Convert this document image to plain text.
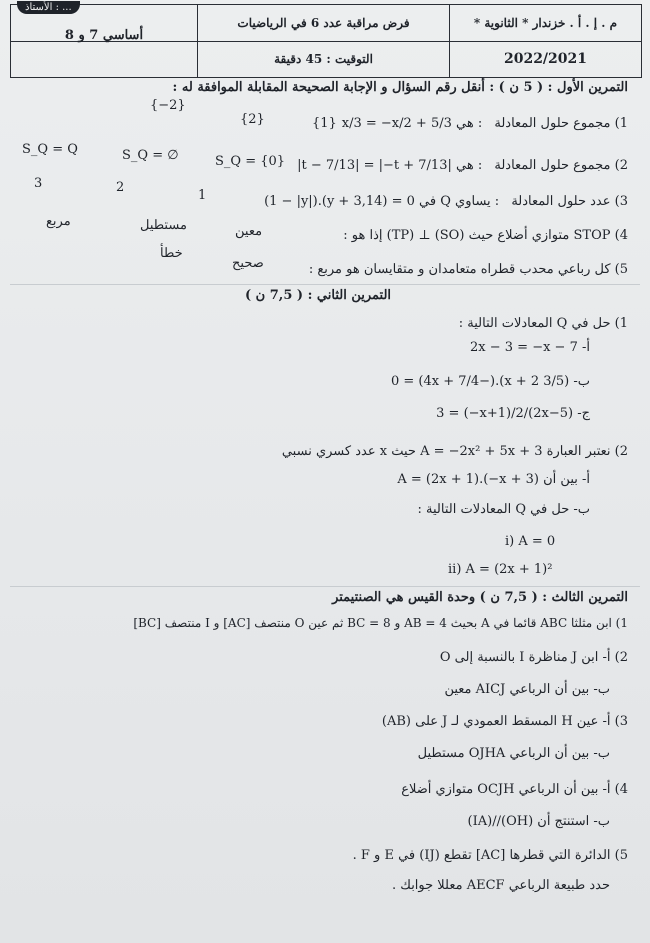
الأستاذ : ...
أساسي 7 و 8
فرض مراقبة عدد 6 في الرياضيات
التوقيت : 45 دقيقة
م . إ . أ . خزندار * الثانوية *
2022/2021
التمرين الأول : ( 5 ن ) : أنقل رقم السؤال و الإجابة الصحيحة المقابلة الموافقة له :
1) مجموع حلول المعادلة x/3 = −x/2 + 5/3 هي :
{−2}
{2}	{1}
2) مجموع حلول المعادلة |t − 7/13| = |−t + 7/13| هي :
S_Q = {0}
S_Q = ∅
S_Q = Q
3) عدد حلول المعادلة (1 − |y|).(y + 3,14) = 0 في Q يساوي :
1
2
3
4) STOP متوازي أضلاع حيث (SO) ⊥ (TP) إذا هو :
معين
مستطيل
مربع
5) كل رباعي محدب قطراه متعامدان و متقايسان هو مربع :
صحيح
خطأ
التمرين الثاني : ( 7,5 ن )
1) حل في Q المعادلات التالية :
أ- 2x − 3 = −x − 7
ب- (3/5 x + 2).(−4x + 7/4) = 0
ج- (2x−5)/3 = (−x+1)/2
2) نعتبر العبارة A = −2x² + 5x + 3 حيث x عدد كسري نسبي
أ- بين أن A = (2x + 1).(−x + 3)
ب- حل في Q المعادلات التالية :
i) A = 0
ii) A = (2x + 1)²
التمرين الثالث : ( 7,5 ن ) وحدة القيس هي الصنتيمتر
1) ابن مثلثا ABC قائما في A بحيث AB = 4 و BC = 8 ثم عين O منتصف [AC] و I منتصف [BC]
2) أ- ابن J مناظرة I بالنسبة إلى O
ب- بين أن الرباعي AICJ معين
3) أ- عين H المسقط العمودي لـ J على (AB)
ب- بين أن الرباعي OJHA مستطيل
4) أ- بين أن الرباعي OCJH متوازي أضلاع
ب- استنتج أن (OH)//(IA)
5) الدائرة التي قطرها [AC] تقطع (IJ) في E و F .
حدد طبيعة الرباعي AECF معللا جوابك .
